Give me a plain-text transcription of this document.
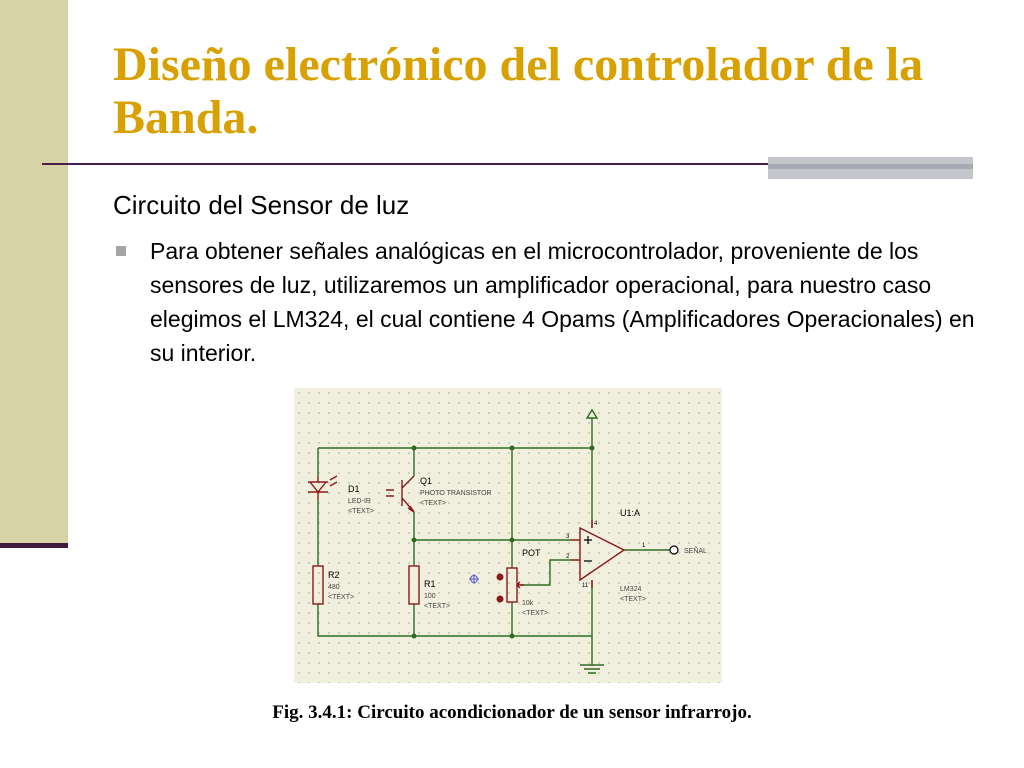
Diseño electrónico del controlador de la Banda.
Circuito del Sensor de luz

Para obtener señales analógicas en el microcontrolador, proveniente de los sensores de luz, utilizaremos un amplificador operacional, para nuestro caso elegimos el LM324, el cual contiene 4 Opams (Amplificadores Operacionales) en su interior.

D1
LED-IR
<TEXT>
Q1
PHOTO TRANSISTOR
<TEXT>
R2
480
<TEXT>
R1
100
<TEXT>
POT
10k
<TEXT>
U1:A
LM324
<TEXT>
SEÑAL
3
2
4
11
1

Fig. 3.4.1: Circuito acondicionador de un sensor infrarrojo.
